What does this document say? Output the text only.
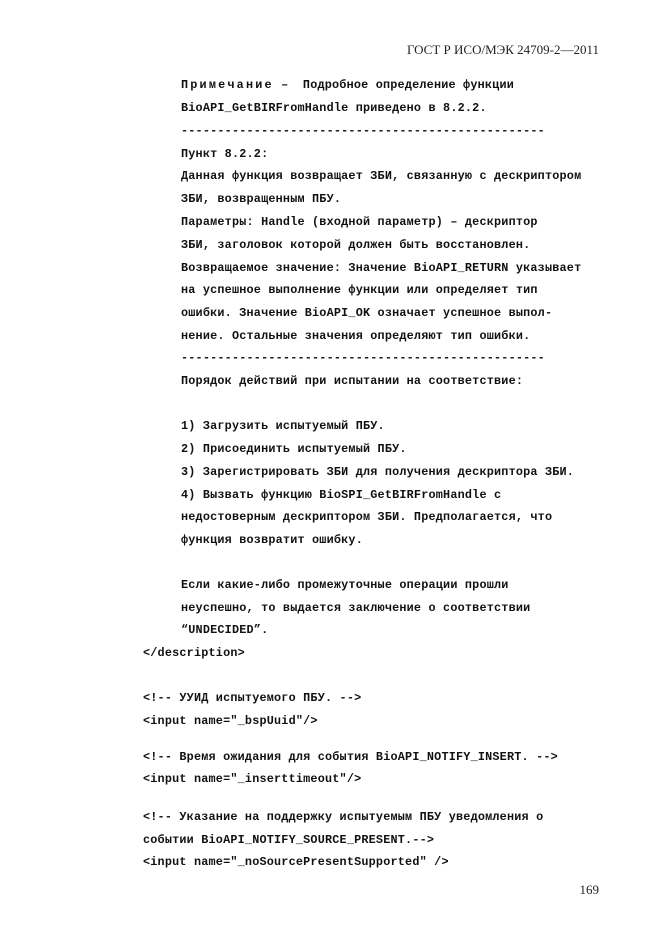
ГОСТ Р ИСО/МЭК 24709-2—2011
Примечание –  Подробное определение функции
BioAPI_GetBIRFromHandle приведено в 8.2.2.
--------------------------------------------------
Пункт 8.2.2:
Данная функция возвращает ЗБИ, связанную с дескриптором
ЗБИ, возвращенным ПБУ.
Параметры: Handle (входной параметр) – дескриптор
ЗБИ, заголовок которой должен быть восстановлен.
Возвращаемое значение: Значение BioAPI_RETURN указывает
на успешное выполнение функции или определяет тип
ошибки. Значение BioAPI_OK означает успешное выпол-
нение. Остальные значения определяют тип ошибки.
--------------------------------------------------
Порядок действий при испытании на соответствие:
1) Загрузить испытуемый ПБУ.
2) Присоединить испытуемый ПБУ.
3) Зарегистрировать ЗБИ для получения дескриптора ЗБИ.
4) Вызвать функцию BioSPI_GetBIRFromHandle с
недостоверным дескриптором ЗБИ. Предполагается, что
функция возвратит ошибку.
Если какие-либо промежуточные операции прошли
неуспешно, то выдается заключение о соответствии
“UNDECIDED”.
</description>
<!-- УУИД испытуемого ПБУ. -->
<input name="_bspUuid"/>
<!-- Время ожидания для события BioAPI_NOTIFY_INSERT. -->
<input name="_inserttimeout"/>
<!-- Указание на поддержку испытуемым ПБУ уведомления о
событии BioAPI_NOTIFY_SOURCE_PRESENT.-->
<input name="_noSourcePresentSupported" />
169
